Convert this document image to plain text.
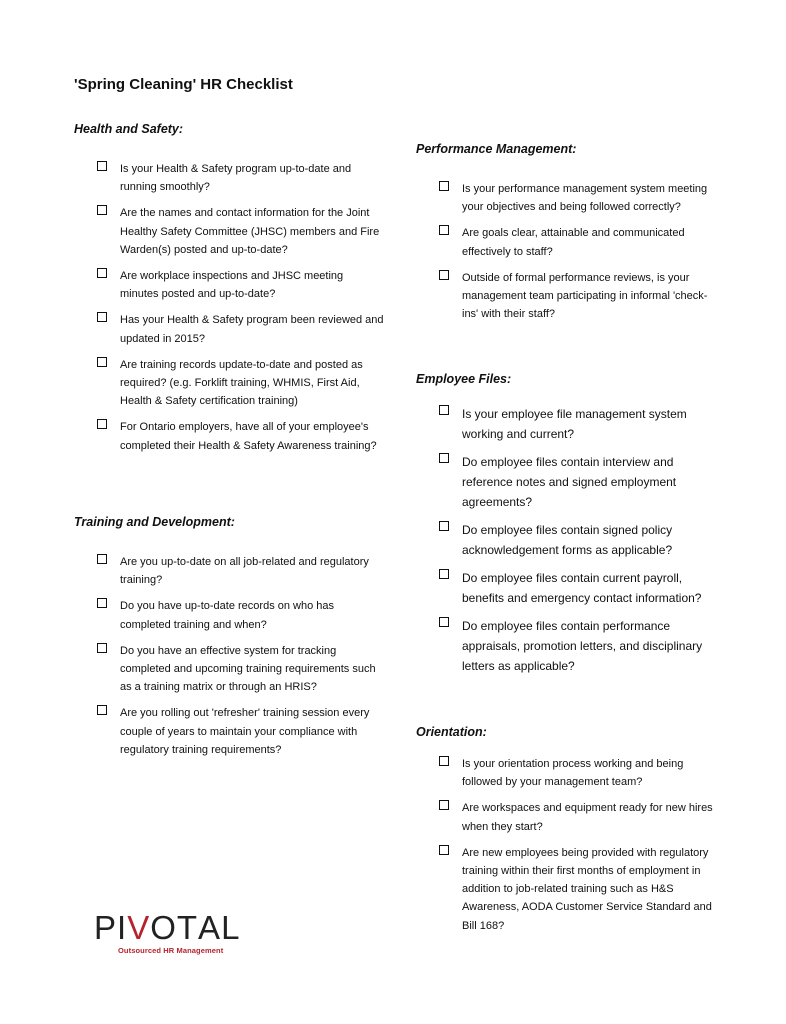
'Spring Cleaning' HR Checklist
Health and Safety:
Is your Health & Safety program up-to-date and running smoothly?
Are the names and contact information for the Joint Healthy Safety Committee (JHSC) members and Fire Warden(s) posted and up-to-date?
Are workplace inspections and JHSC meeting minutes posted and up-to-date?
Has your Health & Safety program been reviewed and updated in 2015?
Are training records update-to-date and posted as required? (e.g. Forklift training, WHMIS, First Aid, Health & Safety certification training)
For Ontario employers, have all of your employee's completed their Health & Safety Awareness training?
Training and Development:
Are you up-to-date on all job-related and regulatory training?
Do you have up-to-date records on who has completed training and when?
Do you have an effective system for tracking completed and upcoming training requirements such as a training matrix or through an HRIS?
Are you rolling out 'refresher' training session every couple of years to maintain your compliance with regulatory training requirements?
Performance Management:
Is your performance management system meeting your objectives and being followed correctly?
Are goals clear, attainable and communicated effectively to staff?
Outside of formal performance reviews, is your management team participating in informal 'check-ins' with their staff?
Employee Files:
Is your employee file management system working and current?
Do employee files contain interview and reference notes and signed employment agreements?
Do employee files contain signed policy acknowledgement forms as applicable?
Do employee files contain current payroll, benefits and emergency contact information?
Do employee files contain performance appraisals, promotion letters, and disciplinary letters as applicable?
Orientation:
Is your orientation process working and being followed by your management team?
Are workspaces and equipment ready for new hires when they start?
Are new employees being provided with regulatory training within their first months of employment in addition to job-related training such as H&S Awareness, AODA Customer Service Standard and Bill 168?
P I V O T A L
Outsourced HR Management
